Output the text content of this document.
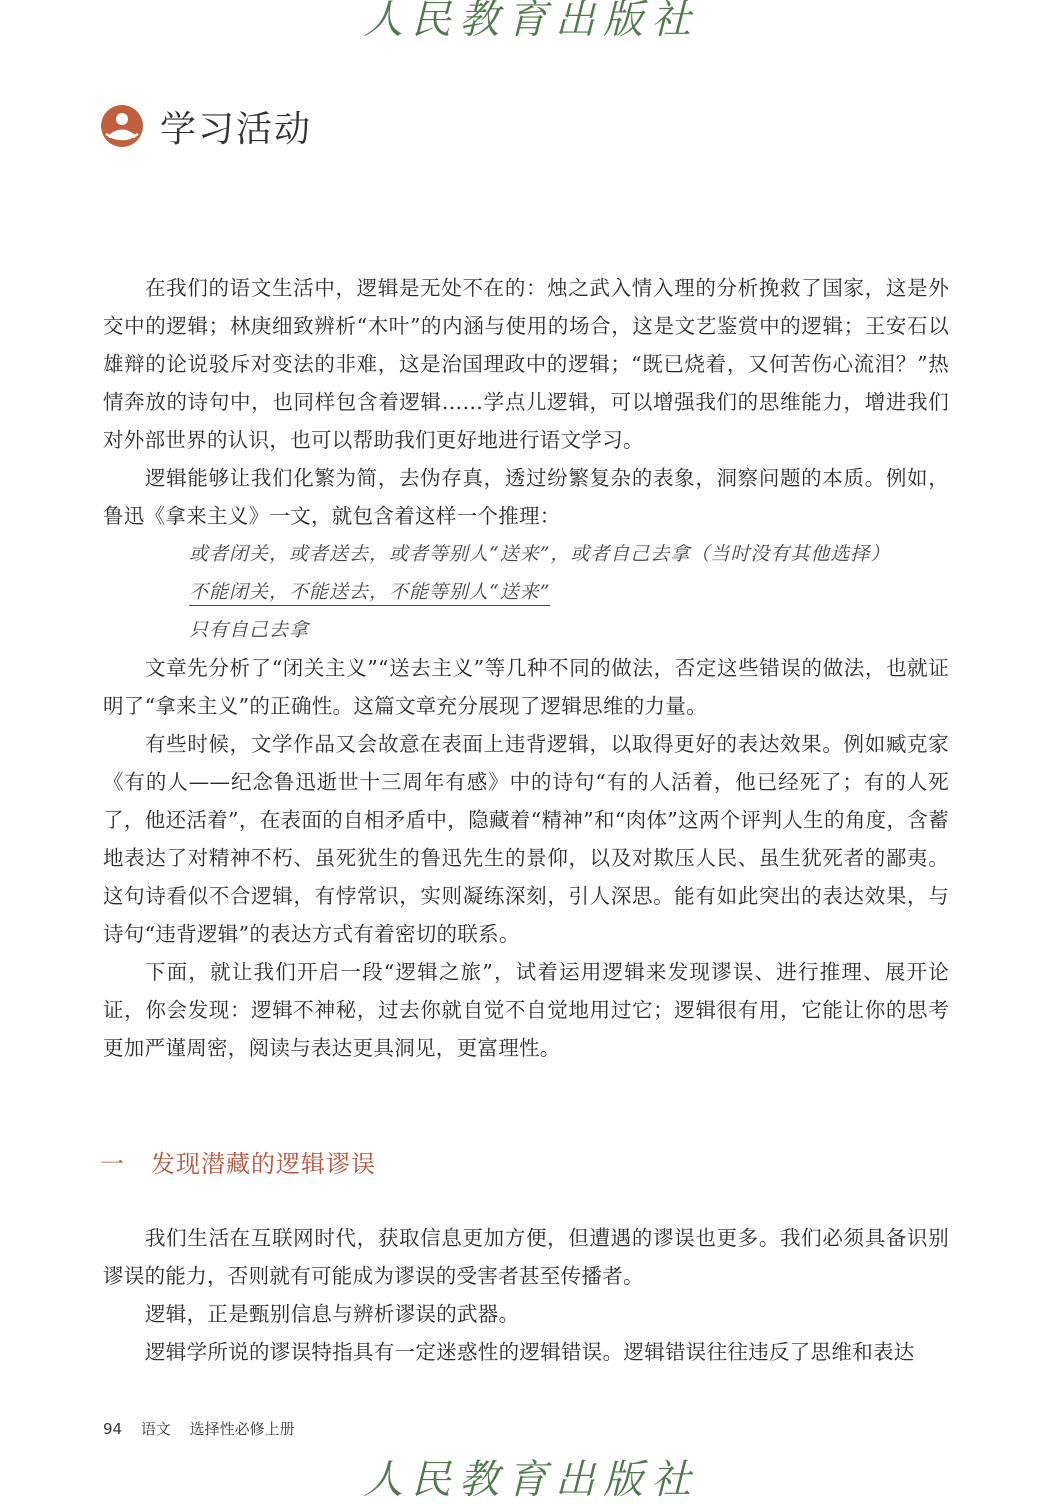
人民教育出版社
学习活动

在我们的语文生活中，逻辑是无处不在的：烛之武入情入理的分析挽救了国家，这是外交中的逻辑；林庚细致辨析“木叶”的内涵与使用的场合，这是文艺鉴赏中的逻辑；王安石以雄辩的论说驳斥对变法的非难，这是治国理政中的逻辑；“既已烧着，又何苦伤心流泪？”热情奔放的诗句中，也同样包含着逻辑……学点儿逻辑，可以增强我们的思维能力，增进我们对外部世界的认识，也可以帮助我们更好地进行语文学习。

逻辑能够让我们化繁为简，去伪存真，透过纷繁复杂的表象，洞察问题的本质。例如，鲁迅《拿来主义》一文，就包含着这样一个推理：

或者闭关，或者送去，或者等别人“送来”，或者自己去拿（当时没有其他选择）

不能闭关，不能送去，不能等别人“送来”

只有自己去拿

文章先分析了“闭关主义”“送去主义”等几种不同的做法，否定这些错误的做法，也就证明了“拿来主义”的正确性。这篇文章充分展现了逻辑思维的力量。

有些时候，文学作品又会故意在表面上违背逻辑，以取得更好的表达效果。例如臧克家《有的人——纪念鲁迅逝世十三周年有感》中的诗句“有的人活着，他已经死了；有的人死了，他还活着”，在表面的自相矛盾中，隐藏着“精神”和“肉体”这两个评判人生的角度，含蓄地表达了对精神不朽、虽死犹生的鲁迅先生的景仰，以及对欺压人民、虽生犹死者的鄙夷。这句诗看似不合逻辑，有悖常识，实则凝练深刻，引人深思。能有如此突出的表达效果，与诗句“违背逻辑”的表达方式有着密切的联系。

下面，就让我们开启一段“逻辑之旅”，试着运用逻辑来发现谬误、进行推理、展开论证，你会发现：逻辑不神秘，过去你就自觉不自觉地用过它；逻辑很有用，它能让你的思考更加严谨周密，阅读与表达更具洞见，更富理性。

一 发现潜藏的逻辑谬误

我们生活在互联网时代，获取信息更加方便，但遭遇的谬误也更多。我们必须具备识别谬误的能力，否则就有可能成为谬误的受害者甚至传播者。

逻辑，正是甄别信息与辨析谬误的武器。

逻辑学所说的谬误特指具有一定迷惑性的逻辑错误。逻辑错误往往违反了思维和表达

94 语文 选择性必修上册
人民教育出版社
